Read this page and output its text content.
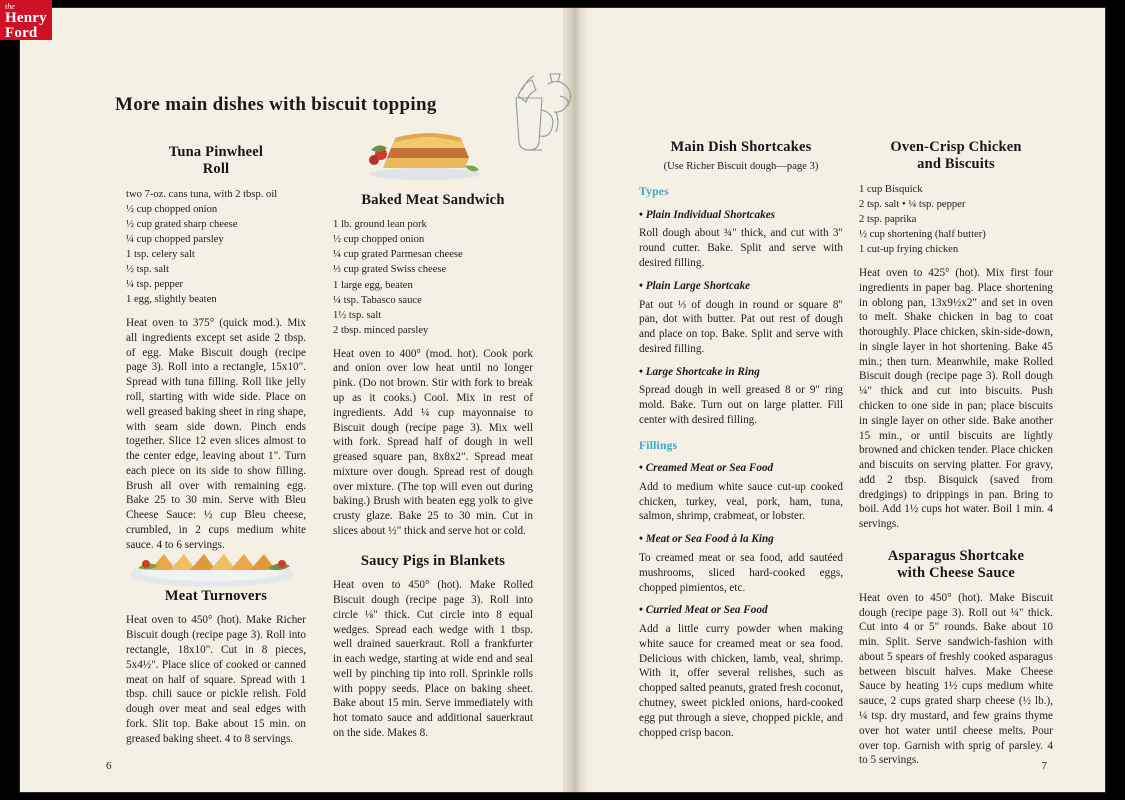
More main dishes with biscuit topping
Tuna Pinwheel
Roll
two 7-oz. cans tuna, with 2 tbsp. oil
½ cup chopped onion
½ cup grated sharp cheese
¼ cup chopped parsley
1 tsp. celery salt
½ tsp. salt
¼ tsp. pepper
1 egg, slightly beaten

Heat oven to 375° (quick mod.). Mix all ingredients except set aside 2 tbsp. of egg. Make Biscuit dough (recipe page 3). Roll into a rectangle, 15x10". Spread with tuna filling. Roll like jelly roll, starting with wide side. Place on well greased baking sheet in ring shape, with seam side down. Pinch ends together. Slice 12 even slices almost to the center edge, leaving about 1". Turn each piece on its side to show filling. Brush all over with remaining egg. Bake 25 to 30 min. Serve with Bleu Cheese Sauce: ½ cup Bleu cheese, crumbled, in 2 cups medium white sauce. 4 to 6 servings.

Meat Turnovers

Heat oven to 450° (hot). Make Richer Biscuit dough (recipe page 3). Roll into rectangle, 18x10". Cut in 8 pieces, 5x4½". Place slice of cooked or canned meat on half of square. Spread with 1 tbsp. chili sauce or pickle relish. Fold dough over meat and seal edges with fork. Slit top. Bake about 15 min. on greased baking sheet. 4 to 8 servings.

Baked Meat Sandwich
1 lb. ground lean pork
½ cup chopped onion
¼ cup grated Parmesan cheese
⅓ cup grated Swiss cheese
1 large egg, beaten
¼ tsp. Tabasco sauce
1½ tsp. salt
2 tbsp. minced parsley

Heat oven to 400° (mod. hot). Cook pork and onion over low heat until no longer pink. (Do not brown. Stir with fork to break up as it cooks.) Cool. Mix in rest of ingredients. Add ¼ cup mayonnaise to Biscuit dough (recipe page 3). Mix well with fork. Spread half of dough in well greased square pan, 8x8x2". Spread meat mixture over dough. Spread rest of dough over mixture. (The top will even out during baking.) Brush with beaten egg yolk to give crusty glaze. Bake 25 to 30 min. Cut in slices about ½" thick and serve hot or cold.

Saucy Pigs in Blankets

Heat oven to 450° (hot). Make Rolled Biscuit dough (recipe page 3). Roll into circle ⅛" thick. Cut circle into 8 equal wedges. Spread each wedge with 1 tbsp. well drained sauerkraut. Roll a frankfurter in each wedge, starting at wide end and seal well by pinching tip into roll. Sprinkle rolls with poppy seeds. Place on baking sheet. Bake about 15 min. Serve immediately with hot tomato sauce and additional sauerkraut on the side. Makes 8.

6
Main Dish Shortcakes
(Use Richer Biscuit dough—page 3)
Types
• Plain Individual Shortcakes

Roll dough about ¾" thick, and cut with 3" round cutter. Bake. Split and serve with desired filling.

• Plain Large Shortcake

Pat out ⅓ of dough in round or square 8" pan, dot with butter. Pat out rest of dough and place on top. Bake. Split and serve with desired filling.

• Large Shortcake in Ring

Spread dough in well greased 8 or 9" ring mold. Bake. Turn out on large platter. Fill center with desired filling.

Fillings
• Creamed Meat or Sea Food

Add to medium white sauce cut-up cooked chicken, turkey, veal, pork, ham, tuna, salmon, shrimp, crabmeat, or lobster.

• Meat or Sea Food à la King

To creamed meat or sea food, add sautéed mushrooms, sliced hard-cooked eggs, chopped pimientos, etc.

• Curried Meat or Sea Food

Add a little curry powder when making white sauce for creamed meat or sea food. Delicious with chicken, lamb, veal, shrimp. With it, offer several relishes, such as chopped salted peanuts, grated fresh coconut, chutney, sweet pickled onions, hard-cooked egg put through a sieve, chopped pickle, and chopped crisp bacon.

Oven-Crisp Chicken
and Biscuits
1 cup Bisquick
2 tsp. salt • ¼ tsp. pepper
2 tsp. paprika
½ cup shortening (half butter)
1 cut-up frying chicken

Heat oven to 425° (hot). Mix first four ingredients in paper bag. Place shortening in oblong pan, 13x9½x2" and set in oven to melt. Shake chicken in bag to coat thoroughly. Place chicken, skin-side-down, in single layer in hot shortening. Bake 45 min.; then turn. Meanwhile, make Rolled Biscuit dough (recipe page 3). Roll dough ¼" thick and cut into biscuits. Push chicken to one side in pan; place biscuits in single layer on other side. Bake another 15 min., or until biscuits are lightly browned and chicken tender. Place chicken and biscuits on serving platter. For gravy, add 2 tbsp. Bisquick (saved from dredgings) to drippings in pan. Bring to boil. Add 1½ cups hot water. Boil 1 min. 4 servings.

Asparagus Shortcake
with Cheese Sauce

Heat oven to 450° (hot). Make Biscuit dough (recipe page 3). Roll out ¼" thick. Cut into 4 or 5" rounds. Bake about 10 min. Split. Serve sandwich-fashion with about 5 spears of freshly cooked asparagus between biscuit halves. Make Cheese Sauce by heating 1½ cups medium white sauce, 2 cups grated sharp cheese (½ lb.), ¼ tsp. dry mustard, and few grains thyme over hot water until cheese melts. Pour over top. Garnish with sprig of parsley. 4 to 5 servings.	7
the
Henry
Ford
